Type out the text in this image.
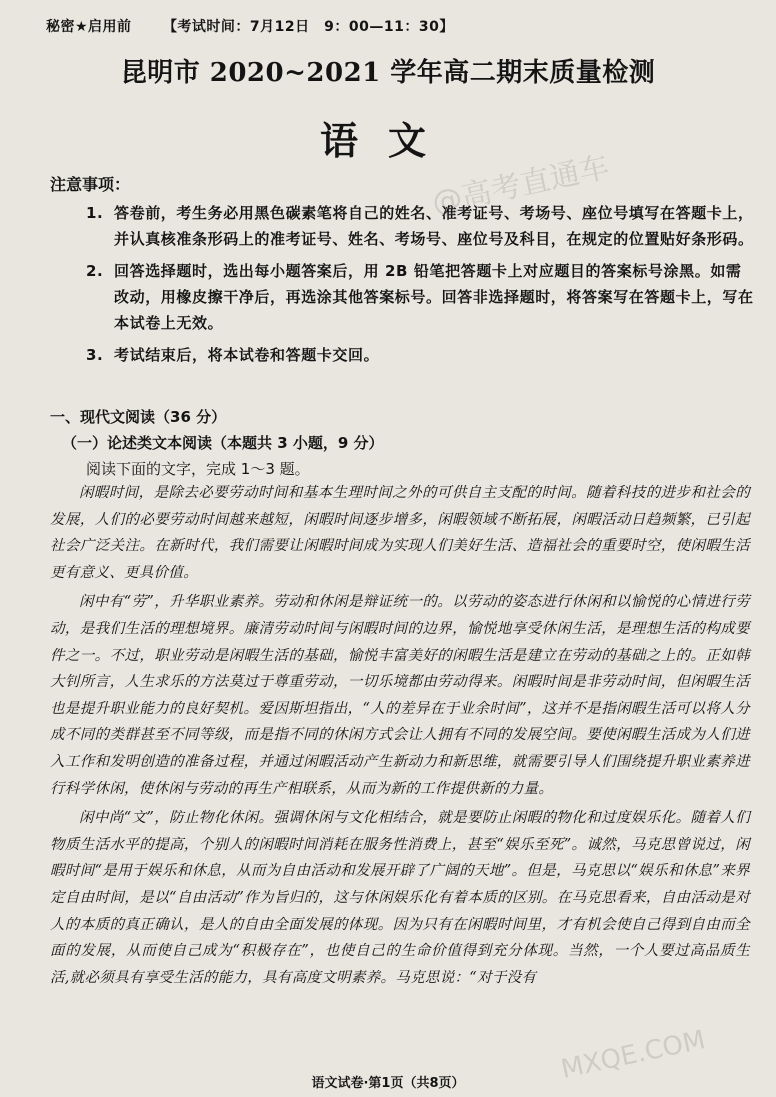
秘密★启用前 【考试时间：7月12日　9：00—11：30】
昆明市 2020~2021 学年高二期末质量检测
语文
注意事项：
1. 答卷前，考生务必用黑色碳素笔将自己的姓名、准考证号、考场号、座位号填写在答题卡上，并认真核准条形码上的准考证号、姓名、考场号、座位号及科目，在规定的位置贴好条形码。
2. 回答选择题时，选出每小题答案后，用 2B 铅笔把答题卡上对应题目的答案标号涂黑。如需改动，用橡皮擦干净后，再选涂其他答案标号。回答非选择题时，将答案写在答题卡上，写在本试卷上无效。
3. 考试结束后，将本试卷和答题卡交回。
一、现代文阅读（36 分）
（一）论述类文本阅读（本题共 3 小题，9 分）
阅读下面的文字，完成 1～3 题。

闲暇时间，是除去必要劳动时间和基本生理时间之外的可供自主支配的时间。随着科技的进步和社会的发展，人们的必要劳动时间越来越短，闲暇时间逐步增多，闲暇领域不断拓展，闲暇活动日趋频繁，已引起社会广泛关注。在新时代，我们需要让闲暇时间成为实现人们美好生活、造福社会的重要时空，使闲暇生活更有意义、更具价值。

闲中有“劳”，升华职业素养。劳动和休闲是辩证统一的。以劳动的姿态进行休闲和以愉悦的心情进行劳动，是我们生活的理想境界。廉清劳动时间与闲暇时间的边界，愉悦地享受休闲生活，是理想生活的构成要件之一。不过，职业劳动是闲暇生活的基础，愉悦丰富美好的闲暇生活是建立在劳动的基础之上的。正如韩大钊所言，人生求乐的方法莫过于尊重劳动，一切乐境都由劳动得来。闲暇时间是非劳动时间，但闲暇生活也是提升职业能力的良好契机。爱因斯坦指出，“人的差异在于业余时间”，这并不是指闲暇生活可以将人分成不同的类群甚至不同等级，而是指不同的休闲方式会让人拥有不同的发展空间。要使闲暇生活成为人们进入工作和发明创造的准备过程，并通过闲暇活动产生新动力和新思维，就需要引导人们围绕提升职业素养进行科学休闲，使休闲与劳动的再生产相联系，从而为新的工作提供新的力量。

闲中尚“文”，防止物化休闲。强调休闲与文化相结合，就是要防止闲暇的物化和过度娱乐化。随着人们物质生活水平的提高，个别人的闲暇时间消耗在服务性消费上，甚至“娱乐至死”。诚然，马克思曾说过，闲暇时间“是用于娱乐和休息，从而为自由活动和发展开辟了广阔的天地”。但是，马克思以“娱乐和休息”来界定自由时间，是以“自由活动”作为旨归的，这与休闲娱乐化有着本质的区别。在马克思看来，自由活动是对人的本质的真正确认，是人的自由全面发展的体现。因为只有在闲暇时间里，才有机会使自己得到自由而全面的发展，从而使自己成为“积极存在”，也使自己的生命价值得到充分体现。当然，一个人要过高品质生活,就必须具有享受生活的能力，具有高度文明素养。马克思说：“对于没有

@高考直通车
MXQE.COM
语文试卷·第1页（共8页）
